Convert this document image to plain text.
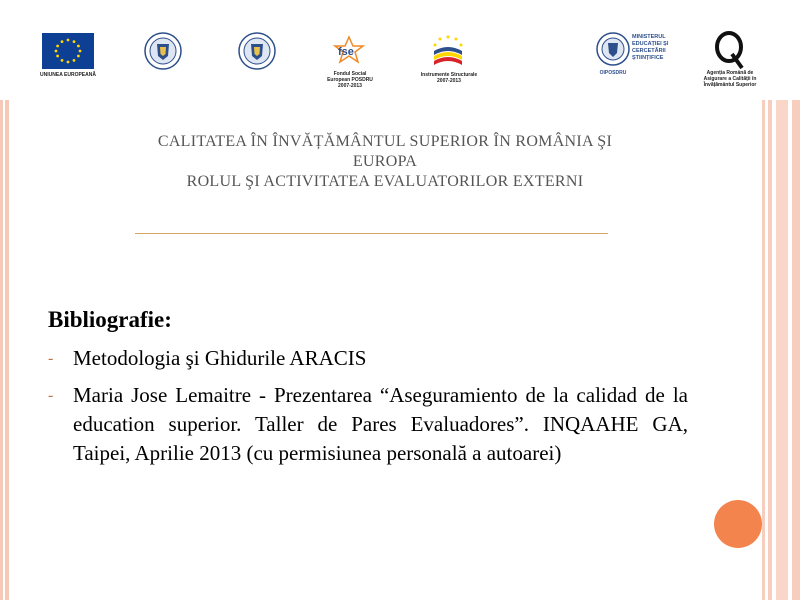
UNIUNEA EUROPEANĂ
fse
Fondul Social European POSDRU 2007-2013
Instrumente Structurale 2007-2013
MINISTERUL EDUCAȚIEI ȘI CERCETĂRII ȘTIINȚIFICE
OIPOSDRU	Agenția Română de Asigurare a Calității în Învățământul Superior
CALITATEA ÎN ÎNVĂȚĂMÂNTUL SUPERIOR ÎN ROMÂNIA ŞI
EUROPA
ROLUL ŞI ACTIVITATEA EVALUATORILOR EXTERNI
Bibliografie:
- Metodologia şi Ghidurile ARACIS
- Maria Jose Lemaitre - Prezentarea “Aseguramiento de la calidad de la education superior. Taller de Pares Evaluadores”. INQAAHE GA, Taipei, Aprilie 2013 (cu permisiunea personală a autoarei)
